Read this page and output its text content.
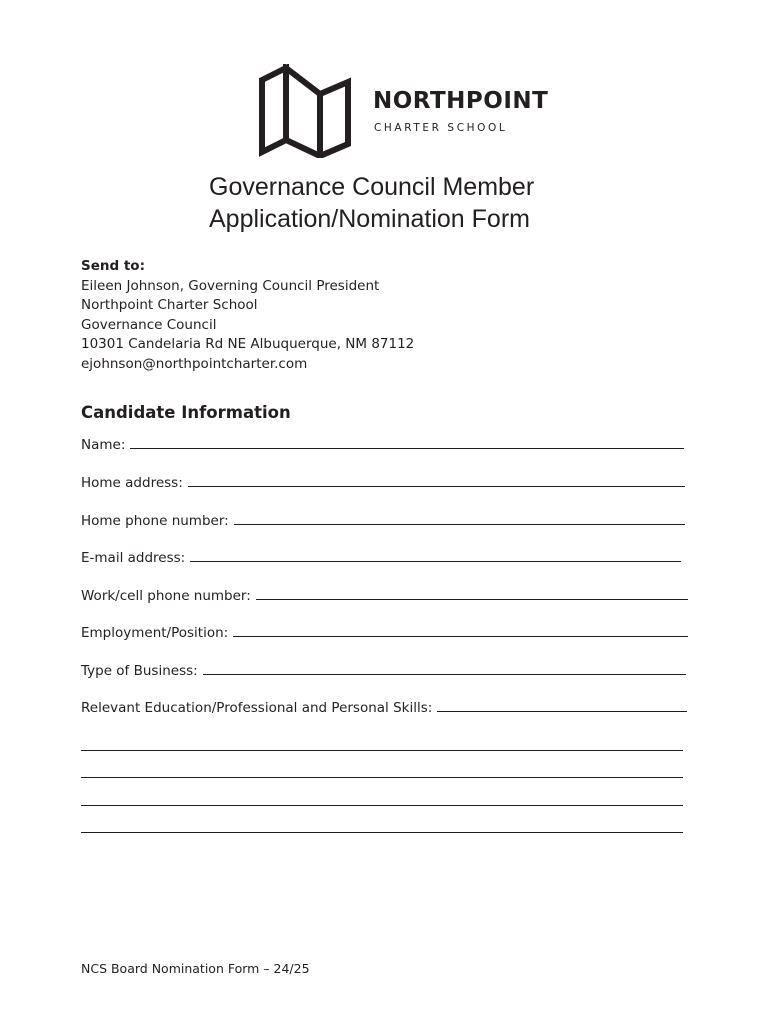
NORTHPOINT
CHARTER SCHOOL
Governance Council Member
Application/Nomination Form
Send to:
Eileen Johnson, Governing Council President
Northpoint Charter School
Governance Council
10301 Candelaria Rd NE Albuquerque, NM 87112
ejohnson@northpointcharter.com
Candidate Information
Name:
Home address:
Home phone number:
E-mail address:
Work/cell phone number:
Employment/Position:
Type of Business:
Relevant Education/Professional and Personal Skills:
NCS Board Nomination Form – 24/25
